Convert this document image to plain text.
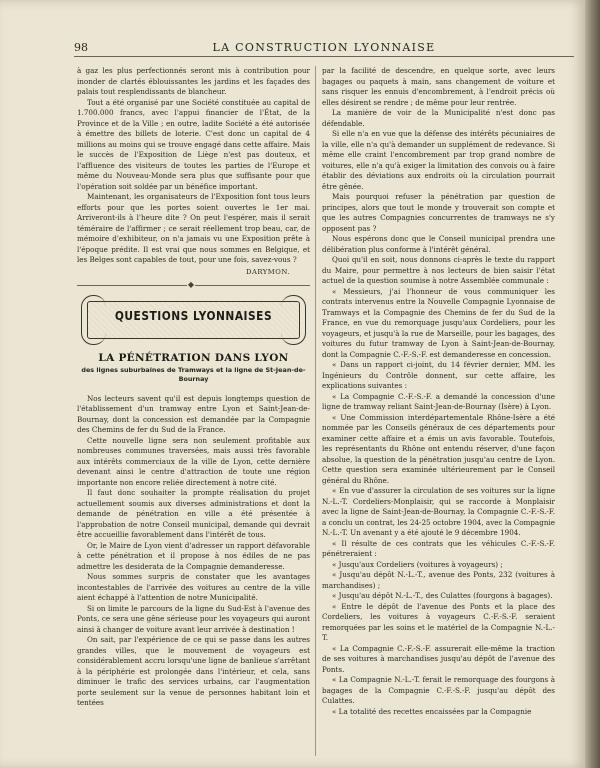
98	LA CONSTRUCTION LYONNAISE

à gaz les plus perfectionnés seront mis à contribution pour inonder de clartés éblouissantes les jardins et les façades des palais tout resplendissants de blancheur.

Tout a été organisé par une Société constituée au capital de 1.700.000 francs, avec l'appui financier de l'État, de la Province et de la Ville ; en outre, ladite Société a été autorisée à émettre des billets de loterie. C'est donc un capital de 4 millions au moins qui se trouve engagé dans cette affaire. Mais le succès de l'Exposition de Liège n'est pas douteux, et l'affluence des visiteurs de toutes les parties de l'Europe et même du Nouveau-Monde sera plus que suffisante pour que l'opération soit soldée par un bénéfice important.

Maintenant, les organisateurs de l'Exposition font tous leurs efforts pour que les portes soient ouvertes le 1er mai. Arriveront-ils à l'heure dite ? On peut l'espérer, mais il serait téméraire de l'affirmer ; ce serait réellement trop beau, car, de mémoire d'exhibiteur, on n'a jamais vu une Exposition prête à l'époque prédite. Il est vrai que nous sommes en Belgique, et les Belges sont capables de tout, pour une fois, savez-vous ?

DARYMON.
◆
QUESTIONS LYONNAISES
LA PÉNÉTRATION DANS LYON
des lignes suburbaines de Tramways et la ligne de St-Jean-de-Bournay

Nos lecteurs savent qu'il est depuis longtemps question de l'établissement d'un tramway entre Lyon et Saint-Jean-de-Bournay, dont la concession est demandée par la Compagnie des Chemins de fer du Sud de la France.

Cette nouvelle ligne sera non seulement profitable aux nombreuses communes traversées, mais aussi très favorable aux intérêts commerciaux de la ville de Lyon, cette dernière devenant ainsi le centre d'attraction de toute une région importante non encore reliée directement à notre cité.

Il faut donc souhaiter la prompte réalisation du projet actuellement soumis aux diverses administrations et dont la demande de pénétration en ville a été présentée à l'approbation de notre Conseil municipal, demande qui devrait être accueillie favorablement dans l'intérêt de tous.

Or, le Maire de Lyon vient d'adresser un rapport défavorable à cette pénétration et il propose à nos édiles de ne pas admettre les desiderata de la Compagnie demanderesse.

Nous sommes surpris de constater que les avantages incontestables de l'arrivée des voitures au centre de la ville aient échappé à l'attention de notre Municipalité.

Si on limite le parcours de la ligne du Sud-Est à l'avenue des Ponts, ce sera une gêne sérieuse pour les voyageurs qui auront ainsi à changer de voiture avant leur arrivée à destination !

On sait, par l'expérience de ce qui se passe dans les autres grandes villes, que le mouvement de voyageurs est considérablement accru lorsqu'une ligne de banlieue s'arrêtant à la périphérie est prolongée dans l'intérieur, et cela, sans diminuer le trafic des services urbains, car l'augmentation porte seulement sur la venue de personnes habitant loin et tentées

par la facilité de descendre, en quelque sorte, avec leurs bagages ou paquets à main, sans changement de voiture et sans risquer les ennuis d'encombrement, à l'endroit précis où elles désirent se rendre ; de même pour leur rentrée.

La manière de voir de la Municipalité n'est donc pas défendable.

Si elle n'a en vue que la défense des intérêts pécuniaires de la ville, elle n'a qu'à demander un supplément de redevance. Si même elle craint l'encombrement par trop grand nombre de voitures, elle n'a qu'à exiger la limitation des convois ou à faire établir des déviations aux endroits où la circulation pourrait être gênée.

Mais pourquoi refuser la pénétration par question de principes, alors que tout le monde y trouverait son compte et que les autres Compagnies concurrentes de tramways ne s'y opposent pas ?

Nous espérons donc que le Conseil municipal prendra une délibération plus conforme à l'intérêt général.

Quoi qu'il en soit, nous donnons ci-après le texte du rapport du Maire, pour permettre à nos lecteurs de bien saisir l'état actuel de la question soumise à notre Assemblée communale :

« Messieurs, j'ai l'honneur de vous communiquer les contrats intervenus entre la Nouvelle Compagnie Lyonnaise de Tramways et la Compagnie des Chemins de fer du Sud de la France, en vue du remorquage jusqu'aux Cordeliers, pour les voyageurs, et jusqu'à la rue de Marseille, pour les bagages, des voitures du futur tramway de Lyon à Saint-Jean-de-Bournay, dont la Compagnie C.-F.-S.-F. est demanderesse en concession.

« Dans un rapport ci-joint, du 14 février dernier, MM. les Ingénieurs du Contrôle donnent, sur cette affaire, les explications suivantes :

« La Compagnie C.-F.-S.-F. a demandé la concession d'une ligne de tramway reliant Saint-Jean-de-Bournay (Isère) à Lyon.

« Une Commission interdépartementale Rhône-Isère a été nommée par les Conseils généraux de ces départements pour examiner cette affaire et a émis un avis favorable. Toutefois, les représentants du Rhône ont entendu réserver, d'une façon absolue, la question de la pénétration jusqu'au centre de Lyon. Cette question sera examinée ultérieurement par le Conseil général du Rhône.

« En vue d'assurer la circulation de ses voitures sur la ligne N.-L.-T. Cordeliers-Monplaisir, qui se raccorde à Monplaisir avec la ligne de Saint-Jean-de-Bournay, la Compagnie C.-F.-S.-F. a conclu un contrat, les 24-25 octobre 1904, avec la Compagnie N.-L.-T. Un avenant y a été ajouté le 9 décembre 1904.

« Il résulte de ces contrats que les véhicules C.-F.-S.-F. pénétreraient :

« Jusqu'aux Cordeliers (voitures à voyageurs) ;

« Jusqu'au dépôt N.-L.-T., avenue des Ponts, 232 (voitures à marchandises) ;

« Jusqu'au dépôt N.-L.-T., des Culattes (fourgons à bagages).

« Entre le dépôt de l'avenue des Ponts et la place des Cordeliers, les voitures à voyageurs C.-F.-S.-F. seraient remorquées par les soins et le matériel de la Compagnie N.-L.-T.

« La Compagnie C.-F.-S.-F. assurerait elle-même la traction de ses voitures à marchandises jusqu'au dépôt de l'avenue des Ponts.

« La Compagnie N.-L.-T. ferait le remorquage des fourgons à bagages de la Compagnie C.-F.-S.-F. jusqu'au dépôt des Culattes.

« La totalité des recettes encaissées par la Compagnie
